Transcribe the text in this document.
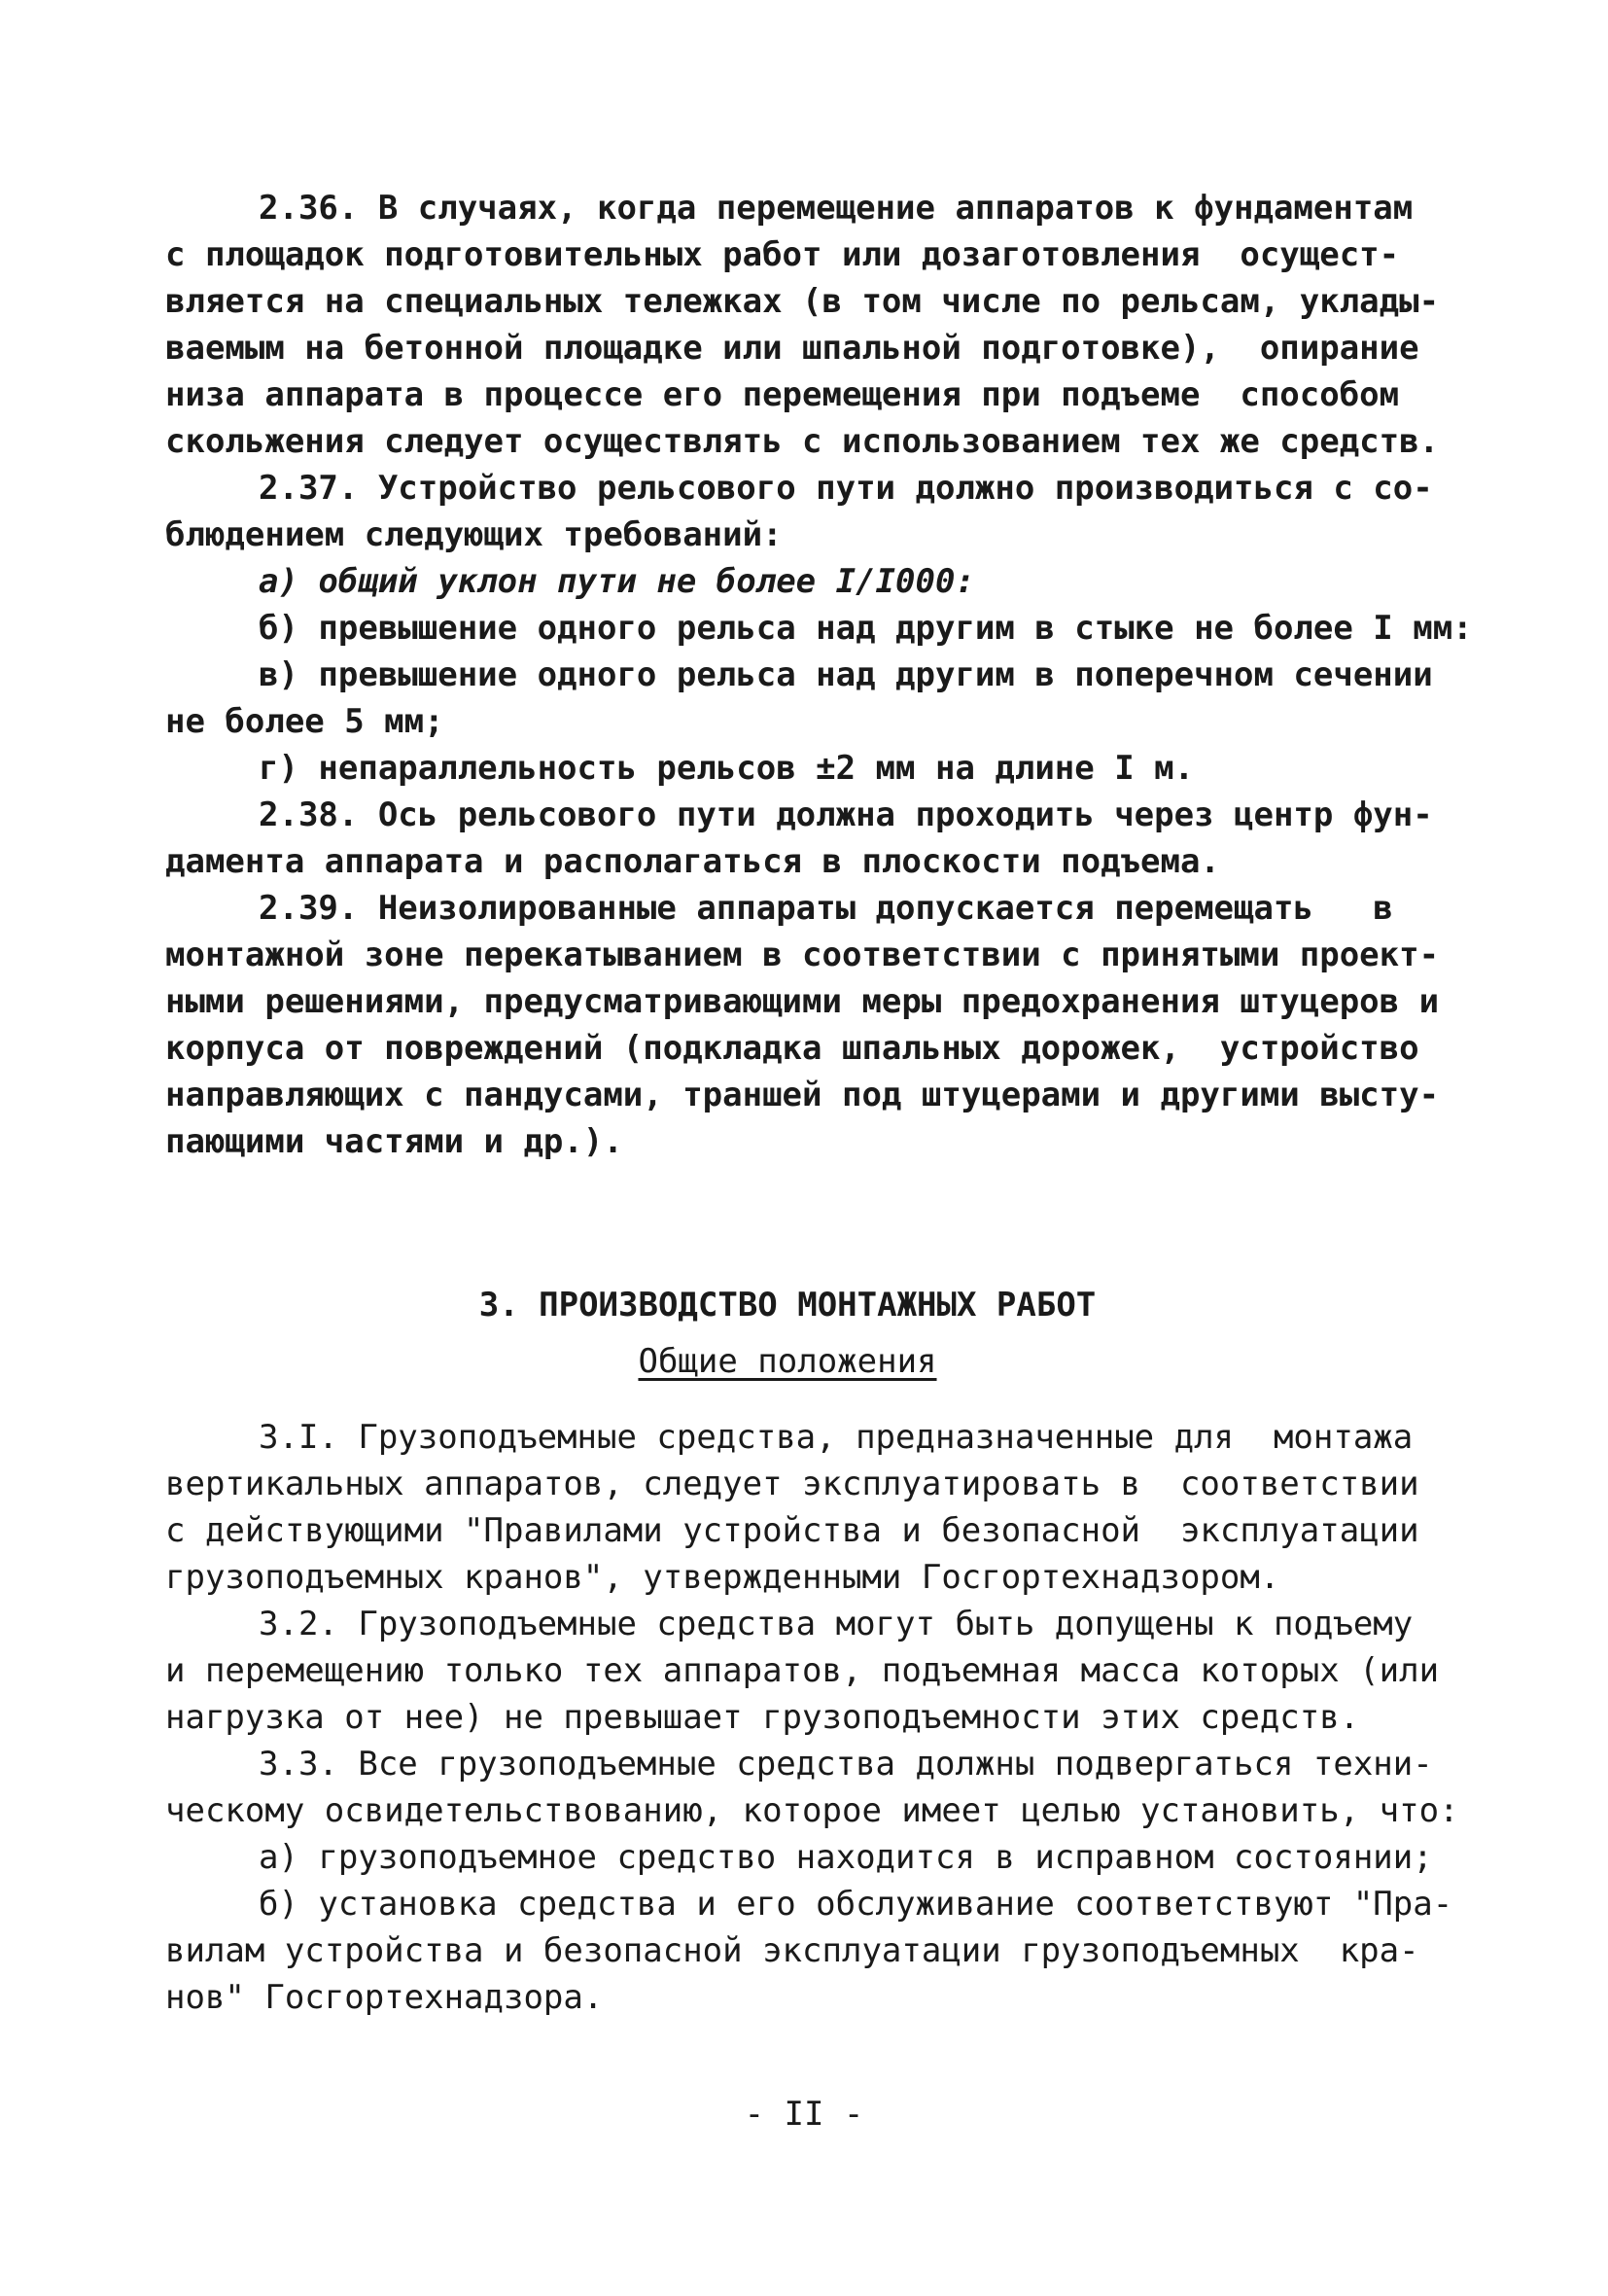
2.36. В случаях, когда перемещение аппаратов к фундаментам
с площадок подготовительных работ или дозаготовления  осущест-
вляется на специальных тележках (в том числе по рельсам, уклады-
ваемым на бетонной площадке или шпальной подготовке),  опирание
низа аппарата в процессе его перемещения при подъеме  способом
скольжения следует осуществлять с использованием тех же средств.
2.37. Устройство рельсового пути должно производиться с со-
блюдением следующих требований:
а) общий уклон пути не более I/I000:
б) превышение одного рельса над другим в стыке не более I мм:
в) превышение одного рельса над другим в поперечном сечении
не более 5 мм;
г) непараллельность рельсов ±2 мм на длине I м.
2.38. Ось рельсового пути должна проходить через центр фун-
дамента аппарата и располагаться в плоскости подъема.
2.39. Неизолированные аппараты допускается перемещать   в
монтажной зоне перекатыванием в соответствии с принятыми проект-
ными решениями, предусматривающими меры предохранения штуцеров и
корпуса от повреждений (подкладка шпальных дорожек,  устройство
направляющих с пандусами, траншей под штуцерами и другими высту-
пающими частями и др.).
3. ПРОИЗВОДСТВО МОНТАЖНЫХ РАБОТ
Общие положения
3.I. Грузоподъемные средства, предназначенные для  монтажа
вертикальных аппаратов, следует эксплуатировать в  соответствии
с действующими "Правилами устройства и безопасной  эксплуатации
грузоподъемных кранов", утвержденными Госгортехнадзором.
3.2. Грузоподъемные средства могут быть допущены к подъему
и перемещению только тех аппаратов, подъемная масса которых (или
нагрузка от нее) не превышает грузоподъемности этих средств.
3.3. Все грузоподъемные средства должны подвергаться техни-
ческому освидетельствованию, которое имеет целью установить, что:
а) грузоподъемное средство находится в исправном состоянии;
б) установка средства и его обслуживание соответствуют "Пра-
вилам устройства и безопасной эксплуатации грузоподъемных  кра-
нов" Госгортехнадзора.
- II -
